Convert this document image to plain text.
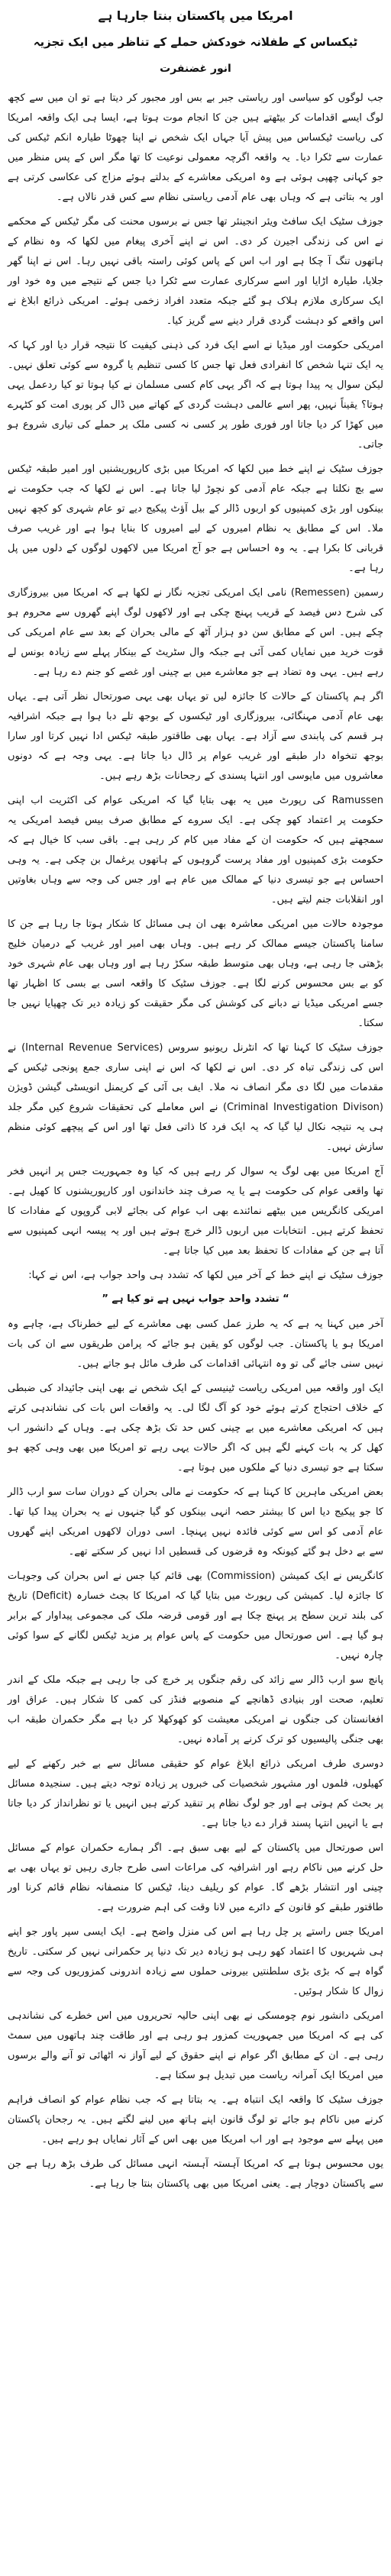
امریکا میں پاکستان بنتا جارہا ہے
ٹیکساس کے طفلانہ خودکش حملے کے تناظر میں ایک تجزیہ
انور غضنفرت

جب لوگوں کو سیاسی اور ریاستی جبر بے بس اور مجبور کر دیتا ہے تو ان میں سے کچھ لوگ ایسے اقدامات کر بیٹھتے ہیں جن کا انجام موت ہوتا ہے، ایسا ہی ایک واقعہ امریکا کی ریاست ٹیکساس میں پیش آیا جہاں ایک شخص نے اپنا چھوٹا طیارہ انکم ٹیکس کی عمارت سے ٹکرا دیا۔ یہ واقعہ اگرچہ معمولی نوعیت کا تھا مگر اس کے پس منظر میں جو کہانی چھپی ہوئی ہے وہ امریکی معاشرے کے بدلتے ہوئے مزاج کی عکاسی کرتی ہے اور یہ بتاتی ہے کہ وہاں بھی عام آدمی ریاستی نظام سے کس قدر نالاں ہے۔

جوزف سٹیک ایک سافٹ ویئر انجینئر تھا جس نے برسوں محنت کی مگر ٹیکس کے محکمے نے اس کی زندگی اجیرن کر دی۔ اس نے اپنے آخری پیغام میں لکھا کہ وہ نظام کے ہاتھوں تنگ آ چکا ہے اور اب اس کے پاس کوئی راستہ باقی نہیں رہا۔ اس نے اپنا گھر جلایا، طیارہ اڑایا اور اسے سرکاری عمارت سے ٹکرا دیا جس کے نتیجے میں وہ خود اور ایک سرکاری ملازم ہلاک ہو گئے جبکہ متعدد افراد زخمی ہوئے۔ امریکی ذرائع ابلاغ نے اس واقعے کو دہشت گردی قرار دینے سے گریز کیا۔

امریکی حکومت اور میڈیا نے اسے ایک فرد کی ذہنی کیفیت کا نتیجہ قرار دیا اور کہا کہ یہ ایک تنہا شخص کا انفرادی فعل تھا جس کا کسی تنظیم یا گروہ سے کوئی تعلق نہیں۔ لیکن سوال یہ پیدا ہوتا ہے کہ اگر یہی کام کسی مسلمان نے کیا ہوتا تو کیا ردعمل یہی ہوتا؟ یقیناً نہیں، پھر اسے عالمی دہشت گردی کے کھاتے میں ڈال کر پوری امت کو کٹہرے میں کھڑا کر دیا جاتا اور فوری طور پر کسی نہ کسی ملک پر حملے کی تیاری شروع ہو جاتی۔

جوزف سٹیک نے اپنے خط میں لکھا کہ امریکا میں بڑی کارپوریشنیں اور امیر طبقہ ٹیکس سے بچ نکلتا ہے جبکہ عام آدمی کو نچوڑ لیا جاتا ہے۔ اس نے لکھا کہ جب حکومت نے بینکوں اور بڑی کمپنیوں کو اربوں ڈالر کے بیل آؤٹ پیکیج دیے تو عام شہری کو کچھ نہیں ملا۔ اس کے مطابق یہ نظام امیروں کے لیے امیروں کا بنایا ہوا ہے اور غریب صرف قربانی کا بکرا ہے۔ یہ وہ احساس ہے جو آج امریکا میں لاکھوں لوگوں کے دلوں میں پل رہا ہے۔

رسمین (Remessen) نامی ایک امریکی تجزیہ نگار نے لکھا ہے کہ امریکا میں بیروزگاری کی شرح دس فیصد کے قریب پہنچ چکی ہے اور لاکھوں لوگ اپنے گھروں سے محروم ہو چکے ہیں۔ اس کے مطابق سن دو ہزار آٹھ کے مالی بحران کے بعد سے عام امریکی کی قوت خرید میں نمایاں کمی آئی ہے جبکہ وال سٹریٹ کے بینکار پہلے سے زیادہ بونس لے رہے ہیں۔ یہی وہ تضاد ہے جو معاشرے میں بے چینی اور غصے کو جنم دے رہا ہے۔

اگر ہم پاکستان کے حالات کا جائزہ لیں تو یہاں بھی یہی صورتحال نظر آتی ہے۔ یہاں بھی عام آدمی مہنگائی، بیروزگاری اور ٹیکسوں کے بوجھ تلے دبا ہوا ہے جبکہ اشرافیہ ہر قسم کی پابندی سے آزاد ہے۔ یہاں بھی طاقتور طبقہ ٹیکس ادا نہیں کرتا اور سارا بوجھ تنخواہ دار طبقے اور غریب عوام پر ڈال دیا جاتا ہے۔ یہی وجہ ہے کہ دونوں معاشروں میں مایوسی اور انتہا پسندی کے رجحانات بڑھ رہے ہیں۔

Ramussen کی رپورٹ میں یہ بھی بتایا گیا کہ امریکی عوام کی اکثریت اب اپنی حکومت پر اعتماد کھو چکی ہے۔ ایک سروے کے مطابق صرف بیس فیصد امریکی یہ سمجھتے ہیں کہ حکومت ان کے مفاد میں کام کر رہی ہے۔ باقی سب کا خیال ہے کہ حکومت بڑی کمپنیوں اور مفاد پرست گروہوں کے ہاتھوں یرغمال بن چکی ہے۔ یہ وہی احساس ہے جو تیسری دنیا کے ممالک میں عام ہے اور جس کی وجہ سے وہاں بغاوتیں اور انقلابات جنم لیتے ہیں۔

موجودہ حالات میں امریکی معاشرہ بھی ان ہی مسائل کا شکار ہوتا جا رہا ہے جن کا سامنا پاکستان جیسے ممالک کر رہے ہیں۔ وہاں بھی امیر اور غریب کے درمیان خلیج بڑھتی جا رہی ہے، وہاں بھی متوسط طبقہ سکڑ رہا ہے اور وہاں بھی عام شہری خود کو بے بس محسوس کرنے لگا ہے۔ جوزف سٹیک کا واقعہ اسی بے بسی کا اظہار تھا جسے امریکی میڈیا نے دبانے کی کوشش کی مگر حقیقت کو زیادہ دیر تک چھپایا نہیں جا سکتا۔

جوزف سٹیک کا کہنا تھا کہ انٹرنل ریونیو سروس (Internal Revenue Services) نے اس کی زندگی تباہ کر دی۔ اس نے لکھا کہ اس نے اپنی ساری جمع پونجی ٹیکس کے مقدمات میں لگا دی مگر انصاف نہ ملا۔ ایف بی آئی کے کریمنل انویسٹی گیشن ڈویژن (Criminal Investigation Divison) نے اس معاملے کی تحقیقات شروع کیں مگر جلد ہی یہ نتیجہ نکال لیا گیا کہ یہ ایک فرد کا ذاتی فعل تھا اور اس کے پیچھے کوئی منظم سازش نہیں۔

آج امریکا میں بھی لوگ یہ سوال کر رہے ہیں کہ کیا وہ جمہوریت جس پر انہیں فخر تھا واقعی عوام کی حکومت ہے یا یہ صرف چند خاندانوں اور کارپوریشنوں کا کھیل ہے۔ امریکی کانگریس میں بیٹھے نمائندے بھی اب عوام کی بجائے لابی گروپوں کے مفادات کا تحفظ کرتے ہیں۔ انتخابات میں اربوں ڈالر خرچ ہوتے ہیں اور یہ پیسہ انہی کمپنیوں سے آتا ہے جن کے مفادات کا تحفظ بعد میں کیا جاتا ہے۔

جوزف سٹیک نے اپنے خط کے آخر میں لکھا کہ تشدد ہی واحد جواب ہے، اس نے کہا:

“ تشدد واحد جواب نہیں ہے تو کیا ہے ”

آخر میں کہنا یہ ہے کہ یہ طرز عمل کسی بھی معاشرے کے لیے خطرناک ہے، چاہے وہ امریکا ہو یا پاکستان۔ جب لوگوں کو یقین ہو جائے کہ پرامن طریقوں سے ان کی بات نہیں سنی جائے گی تو وہ انتہائی اقدامات کی طرف مائل ہو جاتے ہیں۔

ایک اور واقعہ میں امریکی ریاست ٹینیسی کے ایک شخص نے بھی اپنی جائیداد کی ضبطی کے خلاف احتجاج کرتے ہوئے خود کو آگ لگا لی۔ یہ واقعات اس بات کی نشاندہی کرتے ہیں کہ امریکی معاشرے میں بے چینی کس حد تک بڑھ چکی ہے۔ وہاں کے دانشور اب کھل کر یہ بات کہنے لگے ہیں کہ اگر حالات یہی رہے تو امریکا میں بھی وہی کچھ ہو سکتا ہے جو تیسری دنیا کے ملکوں میں ہوتا ہے۔

بعض امریکی ماہرین کا کہنا ہے کہ حکومت نے مالی بحران کے دوران سات سو ارب ڈالر کا جو پیکیج دیا اس کا بیشتر حصہ انہی بینکوں کو گیا جنہوں نے یہ بحران پیدا کیا تھا۔ عام آدمی کو اس سے کوئی فائدہ نہیں پہنچا۔ اسی دوران لاکھوں امریکی اپنے گھروں سے بے دخل ہو گئے کیونکہ وہ قرضوں کی قسطیں ادا نہیں کر سکتے تھے۔

کانگریس نے ایک کمیشن (Commission) بھی قائم کیا جس نے اس بحران کی وجوہات کا جائزہ لیا۔ کمیشن کی رپورٹ میں بتایا گیا کہ امریکا کا بجٹ خسارہ (Deficit) تاریخ کی بلند ترین سطح پر پہنچ چکا ہے اور قومی قرضہ ملک کی مجموعی پیداوار کے برابر ہو گیا ہے۔ اس صورتحال میں حکومت کے پاس عوام پر مزید ٹیکس لگانے کے سوا کوئی چارہ نہیں۔

پانچ سو ارب ڈالر سے زائد کی رقم جنگوں پر خرچ کی جا رہی ہے جبکہ ملک کے اندر تعلیم، صحت اور بنیادی ڈھانچے کے منصوبے فنڈز کی کمی کا شکار ہیں۔ عراق اور افغانستان کی جنگوں نے امریکی معیشت کو کھوکھلا کر دیا ہے مگر حکمران طبقہ اب بھی جنگی پالیسیوں کو ترک کرنے پر آمادہ نہیں۔

دوسری طرف امریکی ذرائع ابلاغ عوام کو حقیقی مسائل سے بے خبر رکھنے کے لیے کھیلوں، فلموں اور مشہور شخصیات کی خبروں پر زیادہ توجہ دیتے ہیں۔ سنجیدہ مسائل پر بحث کم ہوتی ہے اور جو لوگ نظام پر تنقید کرتے ہیں انہیں یا تو نظرانداز کر دیا جاتا ہے یا انہیں انتہا پسند قرار دے دیا جاتا ہے۔

اس صورتحال میں پاکستان کے لیے بھی سبق ہے۔ اگر ہمارے حکمران عوام کے مسائل حل کرنے میں ناکام رہے اور اشرافیہ کی مراعات اسی طرح جاری رہیں تو یہاں بھی بے چینی اور انتشار بڑھے گا۔ عوام کو ریلیف دینا، ٹیکس کا منصفانہ نظام قائم کرنا اور طاقتور طبقے کو قانون کے دائرے میں لانا وقت کی اہم ضرورت ہے۔

امریکا جس راستے پر چل رہا ہے اس کی منزل واضح ہے۔ ایک ایسی سپر پاور جو اپنے ہی شہریوں کا اعتماد کھو رہی ہو زیادہ دیر تک دنیا پر حکمرانی نہیں کر سکتی۔ تاریخ گواہ ہے کہ بڑی بڑی سلطنتیں بیرونی حملوں سے زیادہ اندرونی کمزوریوں کی وجہ سے زوال کا شکار ہوئیں۔

امریکی دانشور نوم چومسکی نے بھی اپنی حالیہ تحریروں میں اس خطرے کی نشاندہی کی ہے کہ امریکا میں جمہوریت کمزور ہو رہی ہے اور طاقت چند ہاتھوں میں سمٹ رہی ہے۔ ان کے مطابق اگر عوام نے اپنے حقوق کے لیے آواز نہ اٹھائی تو آنے والے برسوں میں امریکا ایک آمرانہ ریاست میں تبدیل ہو سکتا ہے۔

جوزف سٹیک کا واقعہ ایک انتباہ ہے۔ یہ بتاتا ہے کہ جب نظام عوام کو انصاف فراہم کرنے میں ناکام ہو جائے تو لوگ قانون اپنے ہاتھ میں لینے لگتے ہیں۔ یہ رجحان پاکستان میں پہلے سے موجود ہے اور اب امریکا میں بھی اس کے آثار نمایاں ہو رہے ہیں۔

یوں محسوس ہوتا ہے کہ امریکا آہستہ آہستہ انہی مسائل کی طرف بڑھ رہا ہے جن سے پاکستان دوچار ہے۔ یعنی امریکا میں بھی پاکستان بنتا جا رہا ہے۔
